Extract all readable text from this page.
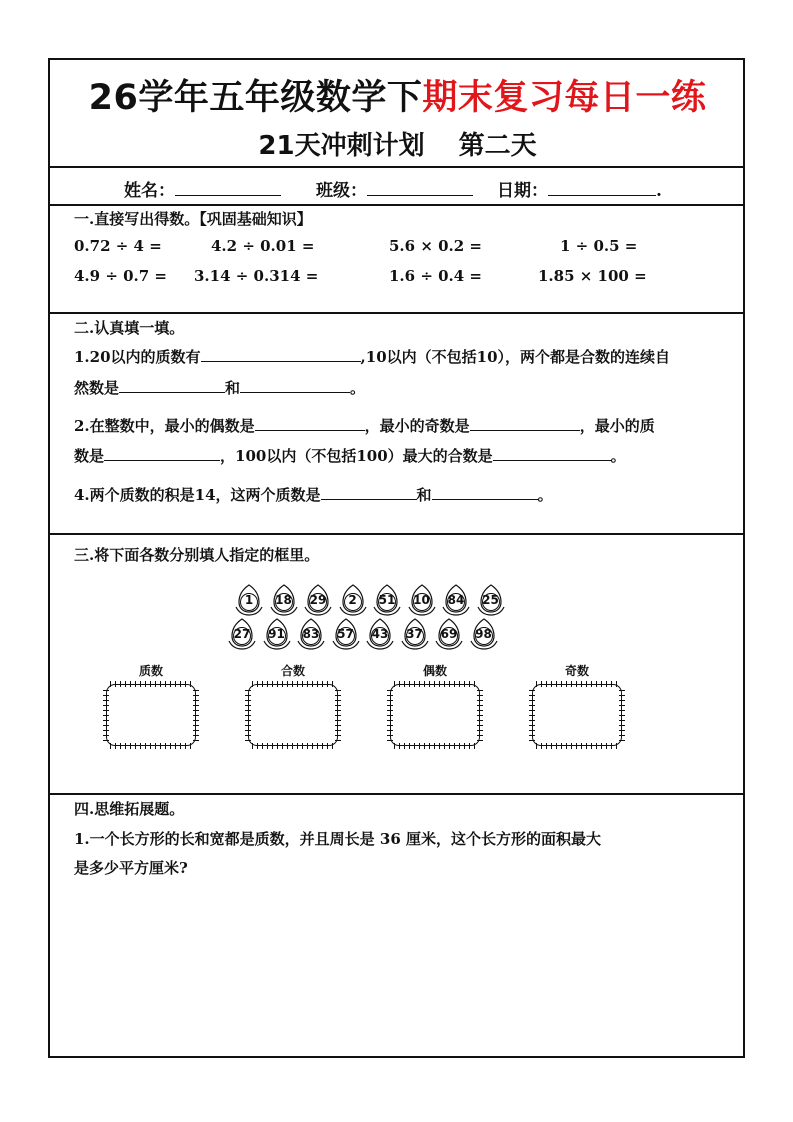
26学年五年级数学下期末复习每日一练
21天冲刺计划 第二天
姓名：	班级：	日期：	.
一.直接写出得数。【巩固基础知识】
0.72 ÷ 4 =	4.2 ÷ 0.01 =	5.6 × 0.2 =	1 ÷ 0.5 =
4.9 ÷ 0.7 = 3.14 ÷ 0.314 =	1.6 ÷ 0.4 =	1.85 × 100 =
二.认真填一填。
1.20以内的质数有	,10以内（不包括10），两个都是合数的连续自
然数是	和	。
2.在整数中，最小的偶数是	，最小的奇数是	，最小的质
数是	，100以内（不包括100）最大的合数是	。
4.两个质数的积是14，这两个质数是	和	。
三.将下面各数分别填人指定的框里。
1	18	29	2	51	10	84	25
27	91	83	57	43	37	69	98
质数	合数	偶数	奇数
四.思维拓展题。
1.一个长方形的长和宽都是质数，并且周长是 36 厘米，这个长方形的面积最大
是多少平方厘米?
